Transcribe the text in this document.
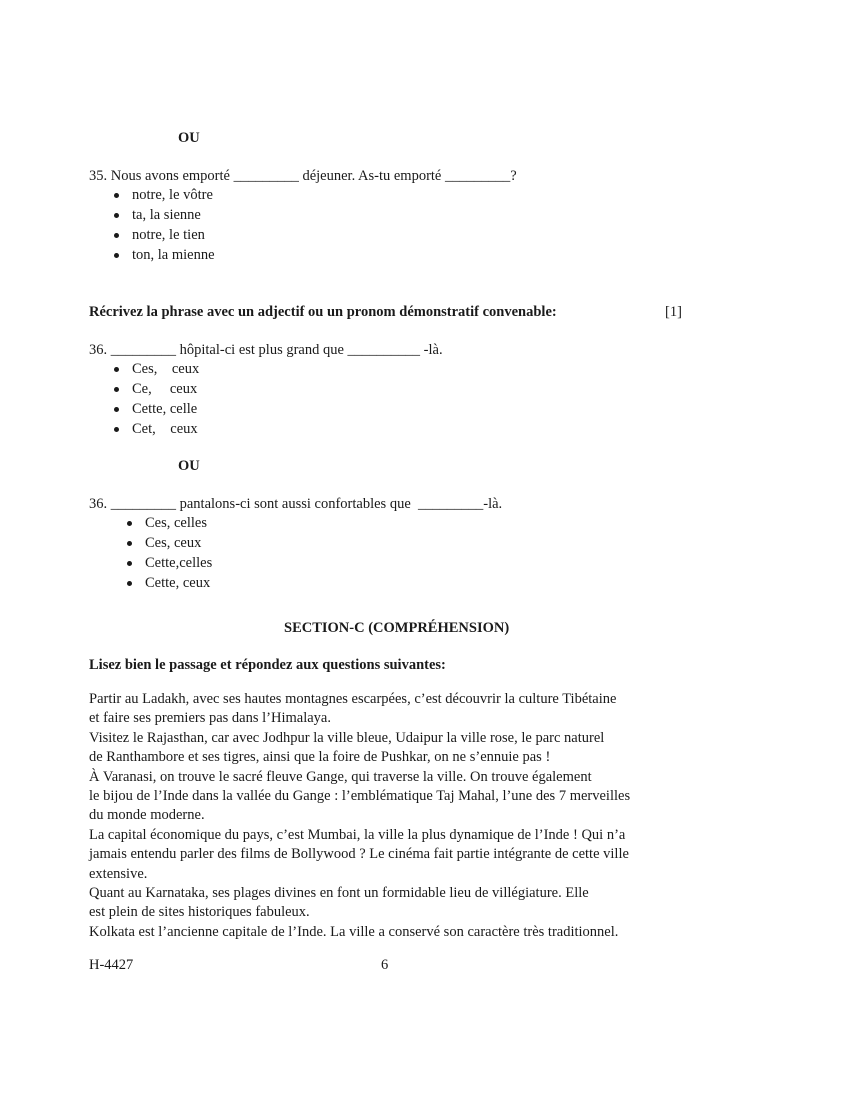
OU
35. Nous avons emporté _________ déjeuner. As-tu emporté _________?
notre, le vôtre
ta, la sienne
notre, le tien
ton, la mienne
Récrivez la phrase avec un adjectif ou un pronom démonstratif convenable:	[1]
36. _________ hôpital-ci est plus grand que __________ -là.
Ces,    ceux
Ce,     ceux
Cette, celle
Cet,    ceux
OU
36. _________ pantalons-ci sont aussi confortables que  _________-là.
Ces, celles
Ces, ceux
Cette,celles
Cette, ceux
SECTION-C (COMPRÉHENSION)
Lisez bien le passage et répondez aux questions suivantes:
Partir au Ladakh, avec ses hautes montagnes escarpées, c’est découvrir la culture Tibétaine
et faire ses premiers pas dans l’Himalaya.
Visitez le Rajasthan, car avec Jodhpur la ville bleue, Udaipur la ville rose, le parc naturel
de Ranthambore et ses tigres, ainsi que la foire de Pushkar, on ne s’ennuie pas !
À Varanasi, on trouve le sacré fleuve Gange, qui traverse la ville. On trouve également
le bijou de l’Inde dans la vallée du Gange : l’emblématique Taj Mahal, l’une des 7 merveilles
du monde moderne.
La capital économique du pays, c’est Mumbai, la ville la plus dynamique de l’Inde ! Qui n’a
jamais entendu parler des films de Bollywood ? Le cinéma fait partie intégrante de cette ville
extensive.
Quant au Karnataka, ses plages divines en font un formidable lieu de villégiature. Elle
est plein de sites historiques fabuleux.
Kolkata est l’ancienne capitale de l’Inde. La ville a conservé son caractère très traditionnel.
H-4427	6
